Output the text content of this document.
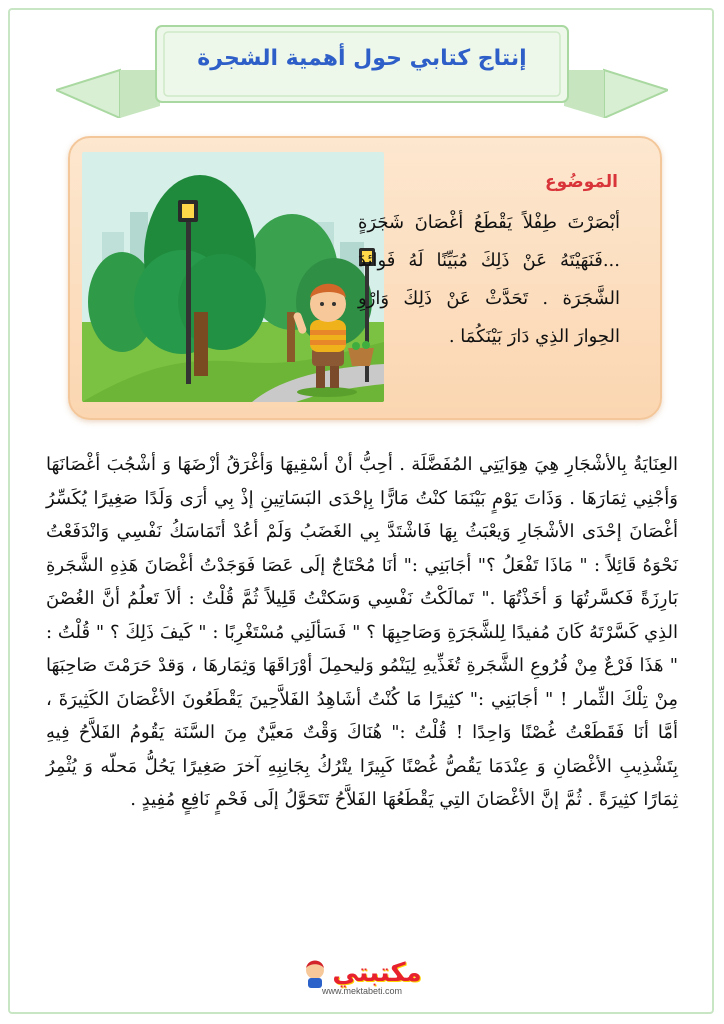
إنتاج كتابي حول أهمية الشجرة
المَوضُوع
أبْصَرْتَ طِفْلاً يَقْطَعُ أغْصَانَ شَجَرَةٍ ...فَنَهَيْتَهُ عَنْ ذَلِكَ مُبَيِّنًا لَهُ فَوائدَ الشَّجَرَة . تَحَدَّثْ عَنْ ذَلِكَ وَارْوِ الحِوارَ الذِي دَارَ بَيْنَكُمَا .
العِنَايَةُ بِالأشْجَارِ هِيَ هِوَايَتِي المُفَضَّلَة . أحِبُّ أنْ أسْقِيهَا وَأغْرَقُ أزْضَهَا وَ أشْجُبَ أغْصَانَهَا وَأجْنِي ثِمَارَهَا . وَذَاتَ يَوْمٍ بَيْنَمَا كنْتُ مَارًّا بِإحْدَى البَسَاتِينِ إذْ بِي أرَى وَلَدًا صَغِيرًا يُكَسِّرُ أغْصَانَ إحْدَى الأشْجَارِ وَيعْبَثُ بِهَا فَاشْتَدَّ بِي الغَضَبُ وَلَمْ أعُدْ أتَمَاسَكُ نَفْسِي وَانْدَفَعْتُ نَحْوَهُ قَائِلاً : " مَاذَا تَفْعَلُ ؟" أجَابَنِي :" أنَا مُحْتَاجٌ إلَى عَصَا فَوَجَدْتُ أغْصَانَ هَذِهِ الشَّجَرةِ بَارِزَةً فَكسَّرتُهَا وَ أخَذْتُهَا ." تَمالَكْتُ نَفْسِي وَسَكتْتُ قَلِيلاً ثُمَّ قُلْتُ : ألاَ تَعلُمُ أنَّ الغُصْنَ الذِي كَسَّرْتَهُ كَانَ مُفيدًا لِلشَّجَرَةِ وَصَاحِبِهَا ؟ " فَسَألَنِي مُسْتَغْرِبًا : " كَيفَ ذَلِكَ ؟ " قُلْتُ : " هَذَا فَرْعٌ مِنْ فُرُوعِ الشَّجَرةِ تُغَذِّيهِ لِيَنْمُو وَليحمِلَ أوْرَاقَهَا وَثِمَارهَا ، وَقدْ حَرَمْتَ صَاحِبَهَا مِنْ تِلْكَ الثِّمار ! " أجَابَنِي :" كثِيرًا مَا كُنْتُ أشَاهِدُ الفَلاَّحِينَ يَقْطَعُونَ الأغْصَانَ الكَثِيرَةَ ، أمَّا أنَا فَقَطَعْتُ غُصْنًا وَاحِدًا ! قُلْتُ :" هُنَاكَ وَقْتٌ مَعيَّنٌ مِنَ السَّنَة يَقُومُ الفَلاَّحُ فِيهِ بِتَشْذِيبِ الأغْصَانِ وَ عِنْدَمَا يَقُصُّ غُصْنًا كَبِيرًا يتْرُكُ بِجَانِبِهِ آخرَ صَغِيرًا يَحُلُّ مَحلّه وَ يُثْمِرُ ثِمَارًا كثِيرَةً . ثُمَّ إنَّ الأغْصَانَ التِي يَقْطَعُهَا الفَلاَّحُ تَتَحَوَّلُ إلَى فَحْمٍ نَافِعٍ مُفِيدٍ .
مكتبتي
www.mektabeti.com
